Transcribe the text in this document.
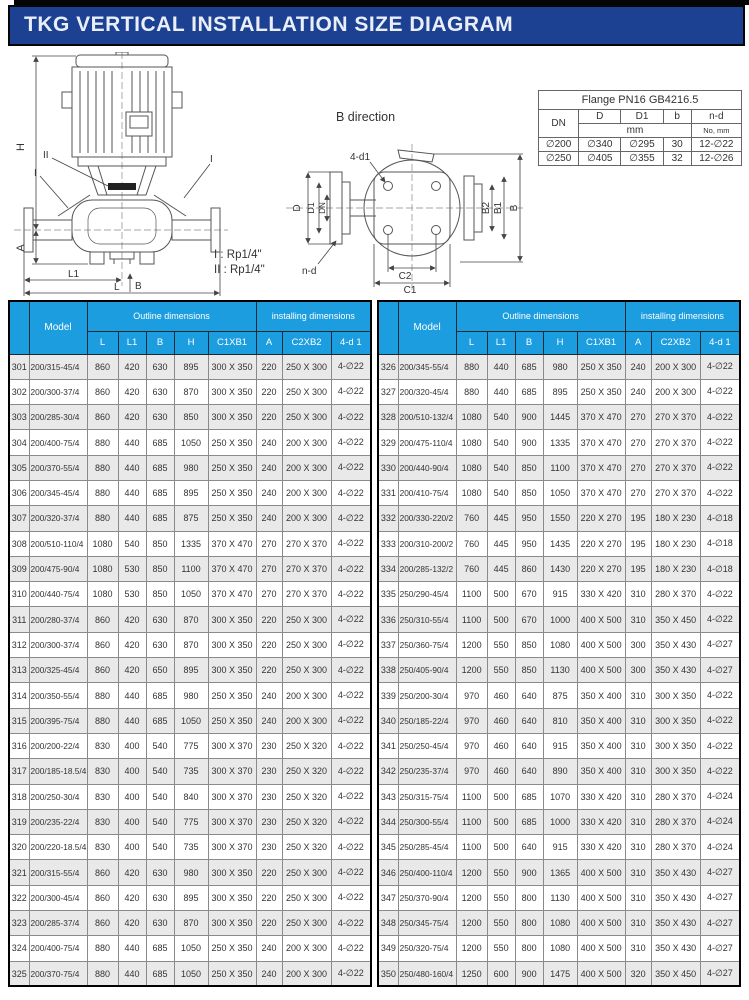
TKG VERTICAL INSTALLATION SIZE DIAGRAM
H
A
II
I
I
L1
L B
B direction
4-d1
D D1 DN
n-d	C2
C1
B2 B1 B
I : Rp1/4"
II : Rp1/4"
Flange PN16 GB4216.5				
DN	D	D1	b	n-d
	mm			No, mm
∅200	∅340	∅295	30	12-∅22
∅250	∅405	∅355	32	12-∅26
	Model	Outline dimensions					installing dimensions		
		L	L1	B	H	C1XB1	A	C2XB2	4-d 1
301	200/315-45/4	860	420	630	895	300 X 350	220	250 X 300	4-∅22
302	200/300-37/4	860	420	630	870	300 X 350	220	250 X 300	4-∅22
303	200/285-30/4	860	420	630	850	300 X 350	220	250 X 300	4-∅22
304	200/400-75/4	880	440	685	1050	250 X 350	240	200 X 300	4-∅22
305	200/370-55/4	880	440	685	980	250 X 350	240	200 X 300	4-∅22
306	200/345-45/4	880	440	685	895	250 X 350	240	200 X 300	4-∅22
307	200/320-37/4	880	440	685	875	250 X 350	240	200 X 300	4-∅22
308	200/510-110/4	1080	540	850	1335	370 X 470	270	270 X 370	4-∅22
309	200/475-90/4	1080	530	850	1100	370 X 470	270	270 X 370	4-∅22
310	200/440-75/4	1080	530	850	1050	370 X 470	270	270 X 370	4-∅22
311	200/280-37/4	860	420	630	870	300 X 350	220	250 X 300	4-∅22
312	200/300-37/4	860	420	630	870	300 X 350	220	250 X 300	4-∅22
313	200/325-45/4	860	420	650	895	300 X 350	220	250 X 300	4-∅22
314	200/350-55/4	880	440	685	980	250 X 350	240	200 X 300	4-∅22
315	200/395-75/4	880	440	685	1050	250 X 350	240	200 X 300	4-∅22
316	200/200-22/4	830	400	540	775	300 X 370	230	250 X 320	4-∅22
317	200/185-18.5/4	830	400	540	735	300 X 370	230	250 X 320	4-∅22
318	200/250-30/4	830	400	540	840	300 X 370	230	250 X 320	4-∅22
319	200/235-22/4	830	400	540	775	300 X 370	230	250 X 320	4-∅22
320	200/220-18.5/4	830	400	540	735	300 X 370	230	250 X 320	4-∅22
321	200/315-55/4	860	420	630	980	300 X 350	220	250 X 300	4-∅22
322	200/300-45/4	860	420	630	895	300 X 350	220	250 X 300	4-∅22
323	200/285-37/4	860	420	630	870	300 X 350	220	250 X 300	4-∅22
324	200/400-75/4	880	440	685	1050	250 X 350	240	200 X 300	4-∅22
325	200/370-75/4	880	440	685	1050	250 X 350	240	200 X 300	4-∅22
	Model	Outline dimensions					installing dimensions		
		L	L1	B	H	C1XB1	A	C2XB2	4-d 1
326	200/345-55/4	880	440	685	980	250 X 350	240	200 X 300	4-∅22
327	200/320-45/4	880	440	685	895	250 X 350	240	200 X 300	4-∅22
328	200/510-132/4	1080	540	900	1445	370 X 470	270	270 X 370	4-∅22
329	200/475-110/4	1080	540	900	1335	370 X 470	270	270 X 370	4-∅22
330	200/440-90/4	1080	540	850	1100	370 X 470	270	270 X 370	4-∅22
331	200/410-75/4	1080	540	850	1050	370 X 470	270	270 X 370	4-∅22
332	200/330-220/2	760	445	950	1550	220 X 270	195	180 X 230	4-∅18
333	200/310-200/2	760	445	950	1435	220 X 270	195	180 X 230	4-∅18
334	200/285-132/2	760	445	860	1430	220 X 270	195	180 X 230	4-∅18
335	250/290-45/4	1100	500	670	915	330 X 420	310	280 X 370	4-∅22
336	250/310-55/4	1100	500	670	1000	400 X 500	310	350 X 450	4-∅22
337	250/360-75/4	1200	550	850	1080	400 X 500	300	350 X 430	4-∅27
338	250/405-90/4	1200	550	850	1130	400 X 500	300	350 X 430	4-∅27
339	250/200-30/4	970	460	640	875	350 X 400	310	300 X 350	4-∅22
340	250/185-22/4	970	460	640	810	350 X 400	310	300 X 350	4-∅22
341	250/250-45/4	970	460	640	915	350 X 400	310	300 X 350	4-∅22
342	250/235-37/4	970	460	640	890	350 X 400	310	300 X 350	4-∅22
343	250/315-75/4	1100	500	685	1070	330 X 420	310	280 X 370	4-∅24
344	250/300-55/4	1100	500	685	1000	330 X 420	310	280 X 370	4-∅24
345	250/285-45/4	1100	500	640	915	330 X 420	310	280 X 370	4-∅24
346	250/400-110/4	1200	550	900	1365	400 X 500	310	350 X 430	4-∅27
347	250/370-90/4	1200	550	800	1130	400 X 500	310	350 X 430	4-∅27
348	250/345-75/4	1200	550	800	1080	400 X 500	310	350 X 430	4-∅27
349	250/320-75/4	1200	550	800	1080	400 X 500	310	350 X 430	4-∅27
350	250/480-160/4	1250	600	900	1475	400 X 500	320	350 X 450	4-∅27
